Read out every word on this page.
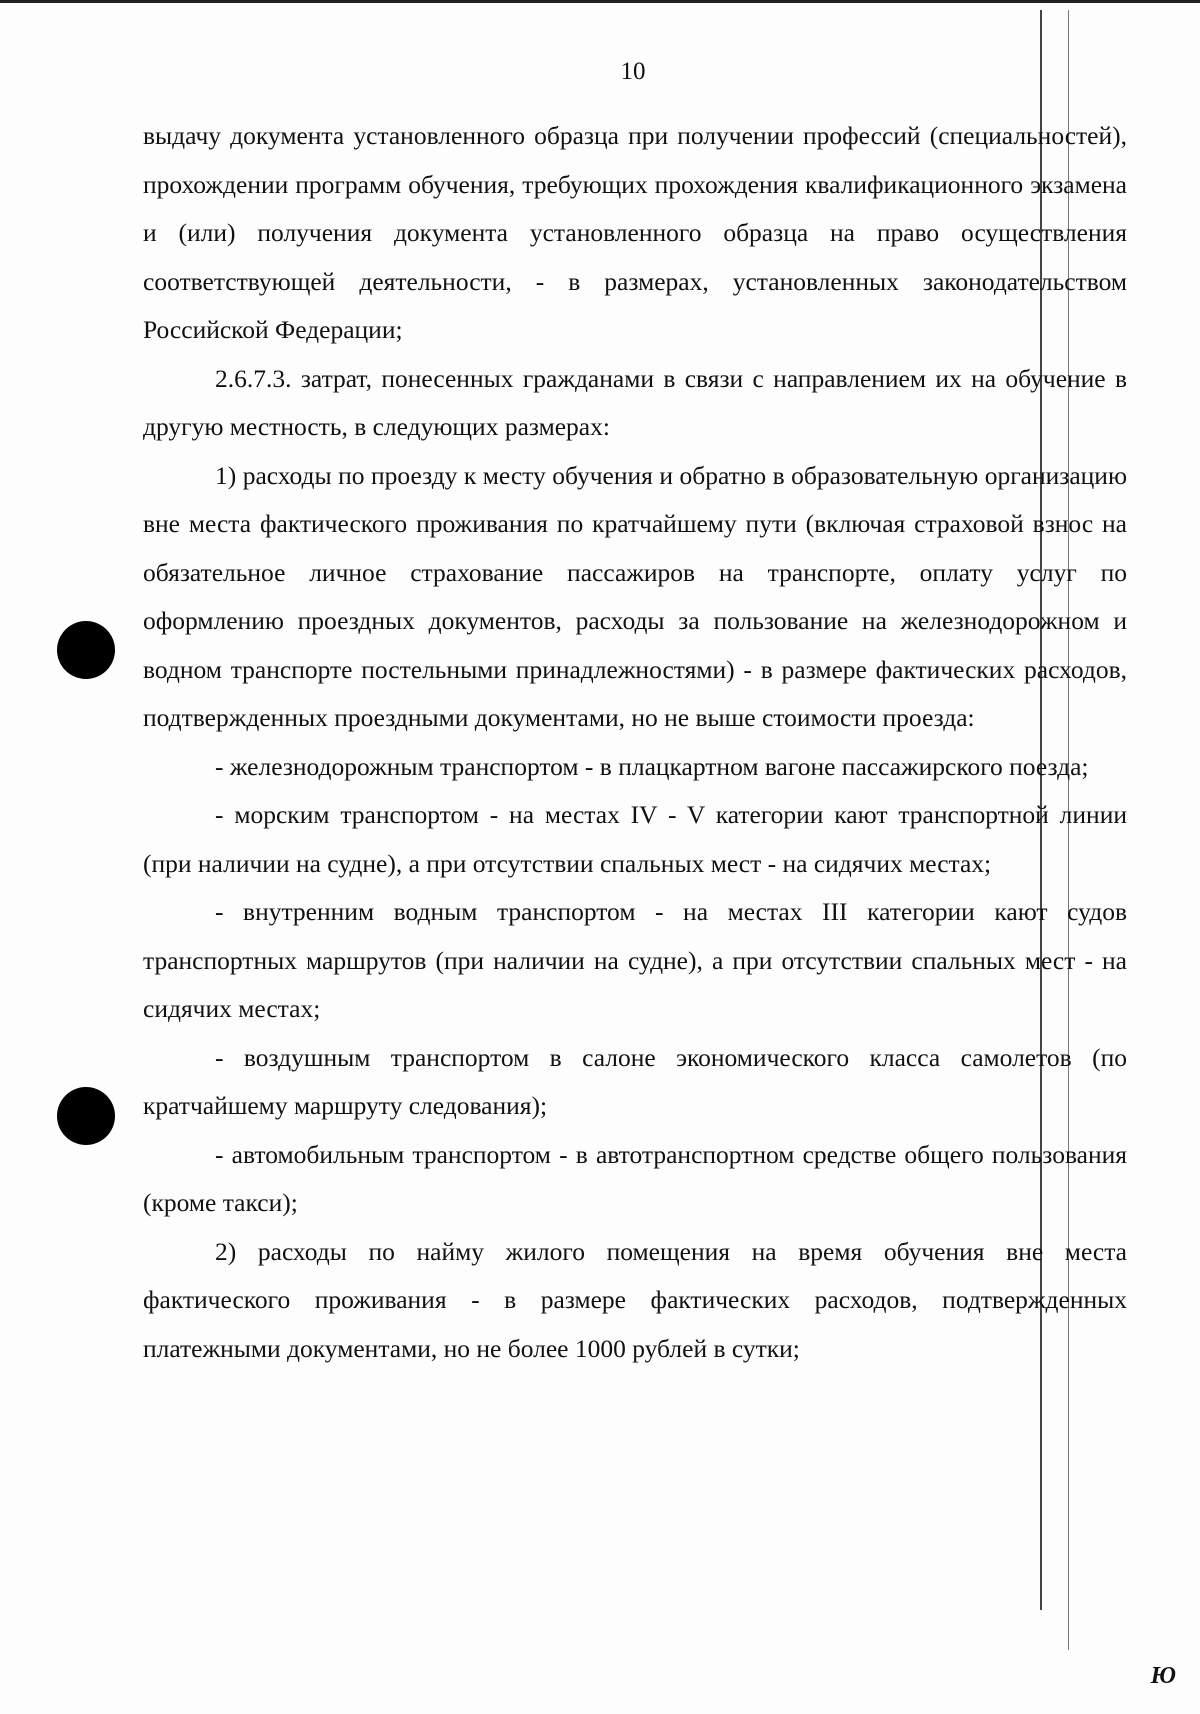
10

выдачу документа установленного образца при получении профессий (специальностей), прохождении программ обучения, требующих прохождения квалификационного экзамена и (или) получения документа установленного образца на право осуществления соответствующей деятельности, - в размерах, установленных законодательством Российской Федерации;

2.6.7.3. затрат, понесенных гражданами в связи с направлением их на обучение в другую местность, в следующих размерах:

1) расходы по проезду к месту обучения и обратно в образовательную организацию вне места фактического проживания по кратчайшему пути (включая страховой взнос на обязательное личное страхование пассажиров на транспорте, оплату услуг по оформлению проездных документов, расходы за пользование на железнодорожном и водном транспорте постельными принадлежностями) - в размере фактических расходов, подтвержденных проездными документами, но не выше стоимости проезда:

- железнодорожным транспортом - в плацкартном вагоне пассажирского поезда;

- морским транспортом - на местах IV - V категории кают транспортной линии (при наличии на судне), а при отсутствии спальных мест - на сидячих местах;

- внутренним водным транспортом - на местах III категории кают судов транспортных маршрутов (при наличии на судне), а при отсутствии спальных мест - на сидячих местах;

- воздушным транспортом в салоне экономического класса самолетов (по кратчайшему маршруту следования);

- автомобильным транспортом - в автотранспортном средстве общего пользования (кроме такси);

2) расходы по найму жилого помещения на время обучения вне места фактического проживания - в размере фактических расходов, подтвержденных платежными документами, но не более 1000 рублей в сутки;

Ю
